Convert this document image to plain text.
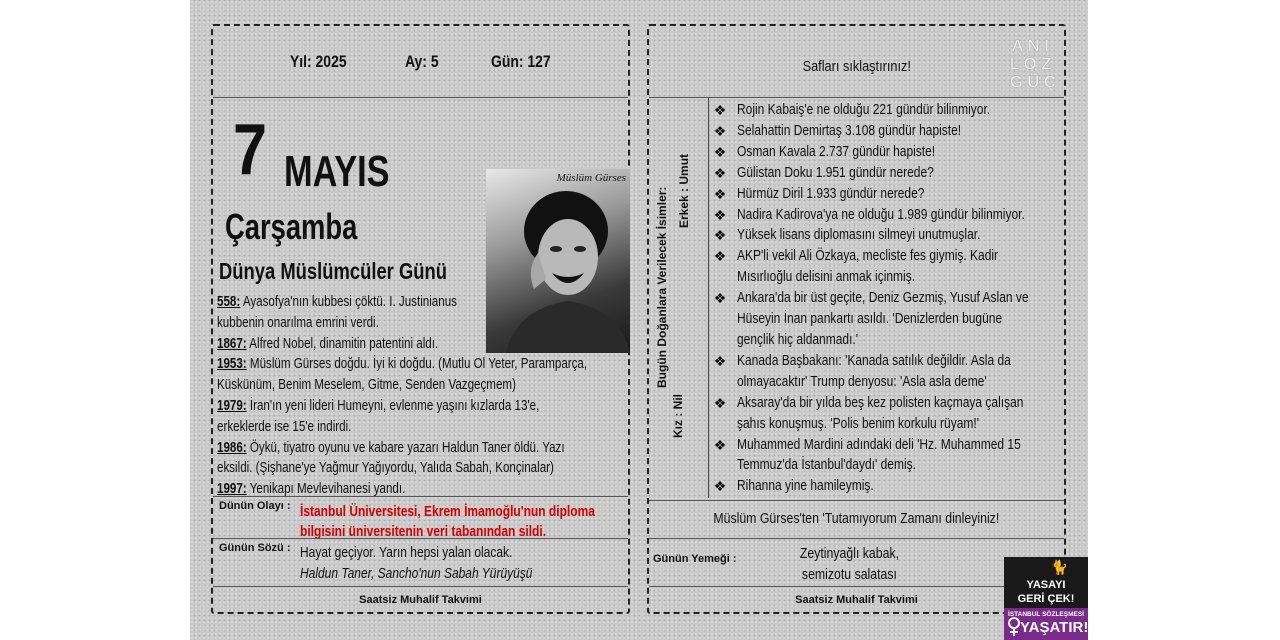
Yıl: 2025	Ay: 5	Gün: 127
7 MAYIS
Çarşamba
Dünya Müslümcüler Günü
Müslüm Gürses
558: Ayasofya'nın kubbesi çöktü. I. Justinianus
kubbenin onarılma emrini verdi.
1867: Alfred Nobel, dinamitin patentini aldı.
1953: Müslüm Gürses doğdu. İyi ki doğdu. (Mutlu Ol Yeter, Paramparça,
Küskünüm, Benim Meselem, Gitme, Senden Vazgeçmem)
1979: İran'ın yeni lideri Humeyni, evlenme yaşını kızlarda 13'e,
erkeklerde ise 15'e indirdi.
1986: Öykü, tiyatro oyunu ve kabare yazarı Haldun Taner öldü. Yazı
eksildi. (Şişhane'ye Yağmur Yağıyordu, Yalıda Sabah, Konçinalar)
1997: Yenikapı Mevlevihanesi yandı.
Dünün Olayı : İstanbul Üniversitesi, Ekrem İmamoğlu'nun diploma
bilgisini üniversitenin veri tabanından sildi.
Günün Sözü : Hayat geçiyor. Yarın hepsi yalan olacak.
Haldun Taner, Sancho'nun Sabah Yürüyüşü
Saatsiz Muhalif Takvimi
Safları sıklaştırınız!
ANI
LOZ
GÜÇ
Bugün Doğanlara Verilecek İsimler: Erkek : Umut
Kız : Nil
❖ Rojin Kabaiş'e ne olduğu 221 gündür bilinmiyor.
❖ Selahattin Demirtaş 3.108 gündür hapiste!
❖ Osman Kavala 2.737 gündür hapiste!
❖ Gülistan Doku 1.951 gündür nerede?
❖ Hürmüz Diril 1.933 gündür nerede?
❖ Nadira Kadirova'ya ne olduğu 1.989 gündür bilinmiyor.
❖ Yüksek lisans diplomasını silmeyi unutmuşlar.
❖ AKP'li vekil Ali Özkaya, mecliste fes giymiş. Kadir
Mısırlıoğlu delisini anmak içinmiş.
❖ Ankara'da bir üst geçite, Deniz Gezmiş, Yusuf Aslan ve
Hüseyin İnan pankartı asıldı. 'Denizlerden bugüne
gençlik hiç aldanmadı.'
❖ Kanada Başbakanı: 'Kanada satılık değildir. Asla da
olmayacaktır' Trump denyosu: 'Asla asla deme'
❖ Aksaray'da bir yılda beş kez polisten kaçmaya çalışan
şahıs konuşmuş. 'Polis benim korkulu rüyam!'
❖ Muhammed Mardini adındaki deli 'Hz. Muhammed 15
Temmuz'da İstanbul'daydı' demiş.
❖ Rihanna yine hamileymiş.
Müslüm Gürses'ten 'Tutamıyorum Zamanı dinleyiniz!
Günün Yemeği :	Zeytinyağlı kabak,
semizotu salatası
Saatsiz Muhalif Takvimi
🐈
YASAYI
GERİ ÇEK!
İSTANBUL SÖZLEŞMESİ
YAŞATIR!
